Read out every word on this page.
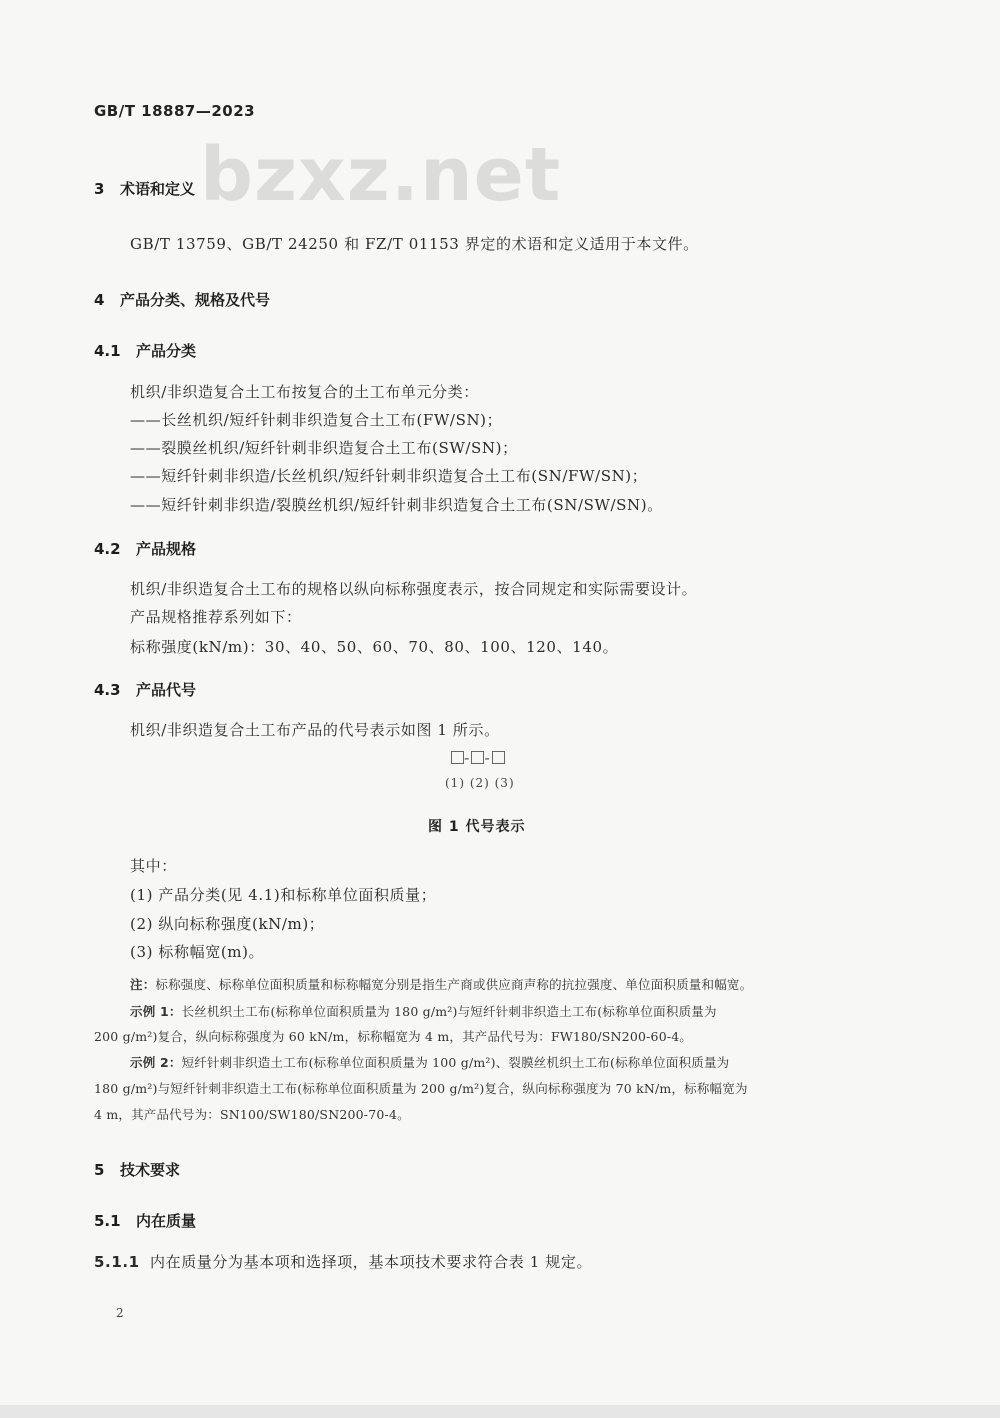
GB/T 18887—2023
bzxz.net
3 术语和定义
GB/T 13759、GB/T 24250 和 FZ/T 01153 界定的术语和定义适用于本文件。
4 产品分类、规格及代号
4.1 产品分类
机织/非织造复合土工布按复合的土工布单元分类：
——长丝机织/短纤针刺非织造复合土工布(FW/SN)；
——裂膜丝机织/短纤针刺非织造复合土工布(SW/SN)；
——短纤针刺非织造/长丝机织/短纤针刺非织造复合土工布(SN/FW/SN)；
——短纤针刺非织造/裂膜丝机织/短纤针刺非织造复合土工布(SN/SW/SN)。
4.2 产品规格
机织/非织造复合土工布的规格以纵向标称强度表示，按合同规定和实际需要设计。
产品规格推荐系列如下：
标称强度(kN/m)：30、40、50、60、70、80、100、120、140。
4.3 产品代号
机织/非织造复合土工布产品的代号表示如图 1 所示。
- -
(1) (2) (3)
图 1 代号表示
其中：
(1) 产品分类(见 4.1)和标称单位面积质量；
(2) 纵向标称强度(kN/m)；
(3) 标称幅宽(m)。
注：标称强度、标称单位面积质量和标称幅宽分别是指生产商或供应商声称的抗拉强度、单位面积质量和幅宽。
示例 1：长丝机织土工布(标称单位面积质量为 180 g/m²)与短纤针刺非织造土工布(标称单位面积质量为
200 g/m²)复合，纵向标称强度为 60 kN/m，标称幅宽为 4 m，其产品代号为：FW180/SN200-60-4。
示例 2：短纤针刺非织造土工布(标称单位面积质量为 100 g/m²)、裂膜丝机织土工布(标称单位面积质量为
180 g/m²)与短纤针刺非织造土工布(标称单位面积质量为 200 g/m²)复合，纵向标称强度为 70 kN/m，标称幅宽为
4 m，其产品代号为：SN100/SW180/SN200-70-4。
5 技术要求
5.1 内在质量
5.1.1 内在质量分为基本项和选择项，基本项技术要求符合表 1 规定。
2
